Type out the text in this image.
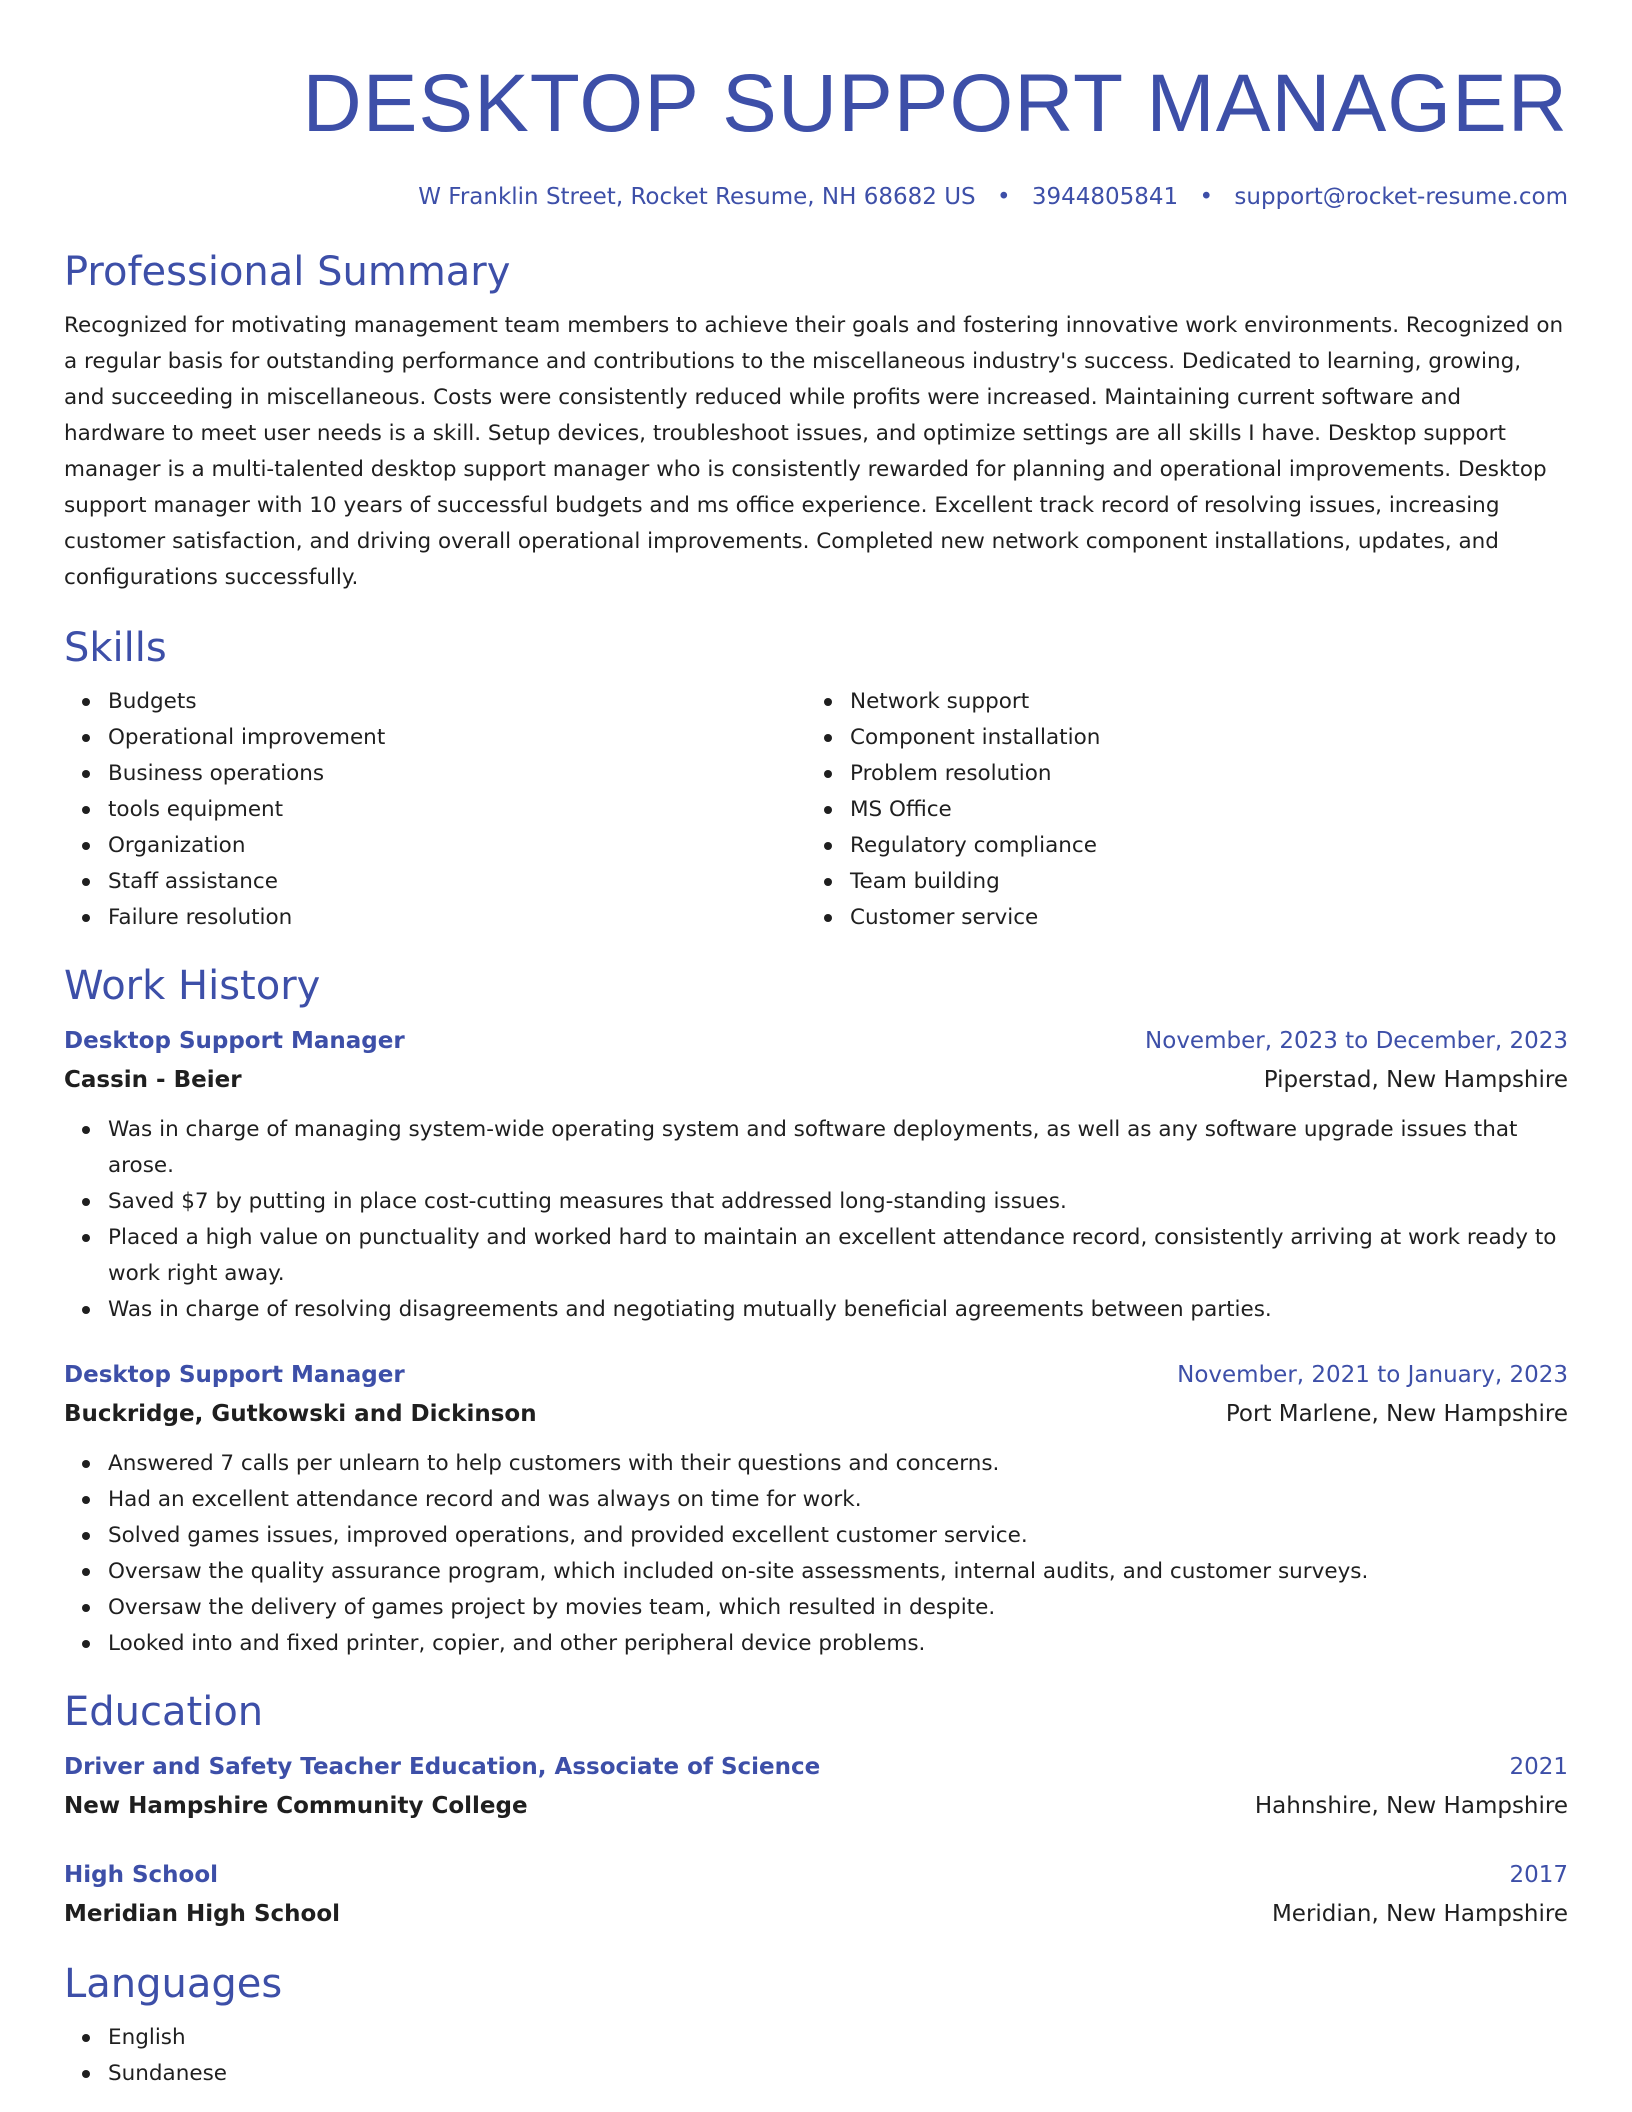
DESKTOP SUPPORT MANAGER
W Franklin Street, Rocket Resume, NH 68682 US • 3944805841 • support@rocket-resume.com
Professional Summary

Recognized for motivating management team members to achieve their goals and fostering innovative work environments. Recognized on a regular basis for outstanding performance and contributions to the miscellaneous industry's success. Dedicated to learning, growing, and succeeding in miscellaneous. Costs were consistently reduced while profits were increased. Maintaining current software and hardware to meet user needs is a skill. Setup devices, troubleshoot issues, and optimize settings are all skills I have. Desktop support manager is a multi-talented desktop support manager who is consistently rewarded for planning and operational improvements. Desktop support manager with 10 years of successful budgets and ms office experience. Excellent track record of resolving issues, increasing customer satisfaction, and driving overall operational improvements. Completed new network component installations, updates, and configurations successfully.

Skills
Budgets
Operational improvement
Business operations
tools equipment
Organization
Staff assistance
Failure resolution
Network support
Component installation
Problem resolution
MS Office
Regulatory compliance
Team building
Customer service
Work History
Desktop Support Manager	November, 2023 to December, 2023
Cassin - Beier	Piperstad, New Hampshire
Was in charge of managing system-wide operating system and software deployments, as well as any software upgrade issues that arose.
Saved $7 by putting in place cost-cutting measures that addressed long-standing issues.
Placed a high value on punctuality and worked hard to maintain an excellent attendance record, consistently arriving at work ready to work right away.
Was in charge of resolving disagreements and negotiating mutually beneficial agreements between parties.
Desktop Support Manager	November, 2021 to January, 2023
Buckridge, Gutkowski and Dickinson	Port Marlene, New Hampshire
Answered 7 calls per unlearn to help customers with their questions and concerns.
Had an excellent attendance record and was always on time for work.
Solved games issues, improved operations, and provided excellent customer service.
Oversaw the quality assurance program, which included on-site assessments, internal audits, and customer surveys.
Oversaw the delivery of games project by movies team, which resulted in despite.
Looked into and fixed printer, copier, and other peripheral device problems.
Education
Driver and Safety Teacher Education, Associate of Science	2021
New Hampshire Community College	Hahnshire, New Hampshire
High School	2017
Meridian High School	Meridian, New Hampshire
Languages
English
Sundanese
